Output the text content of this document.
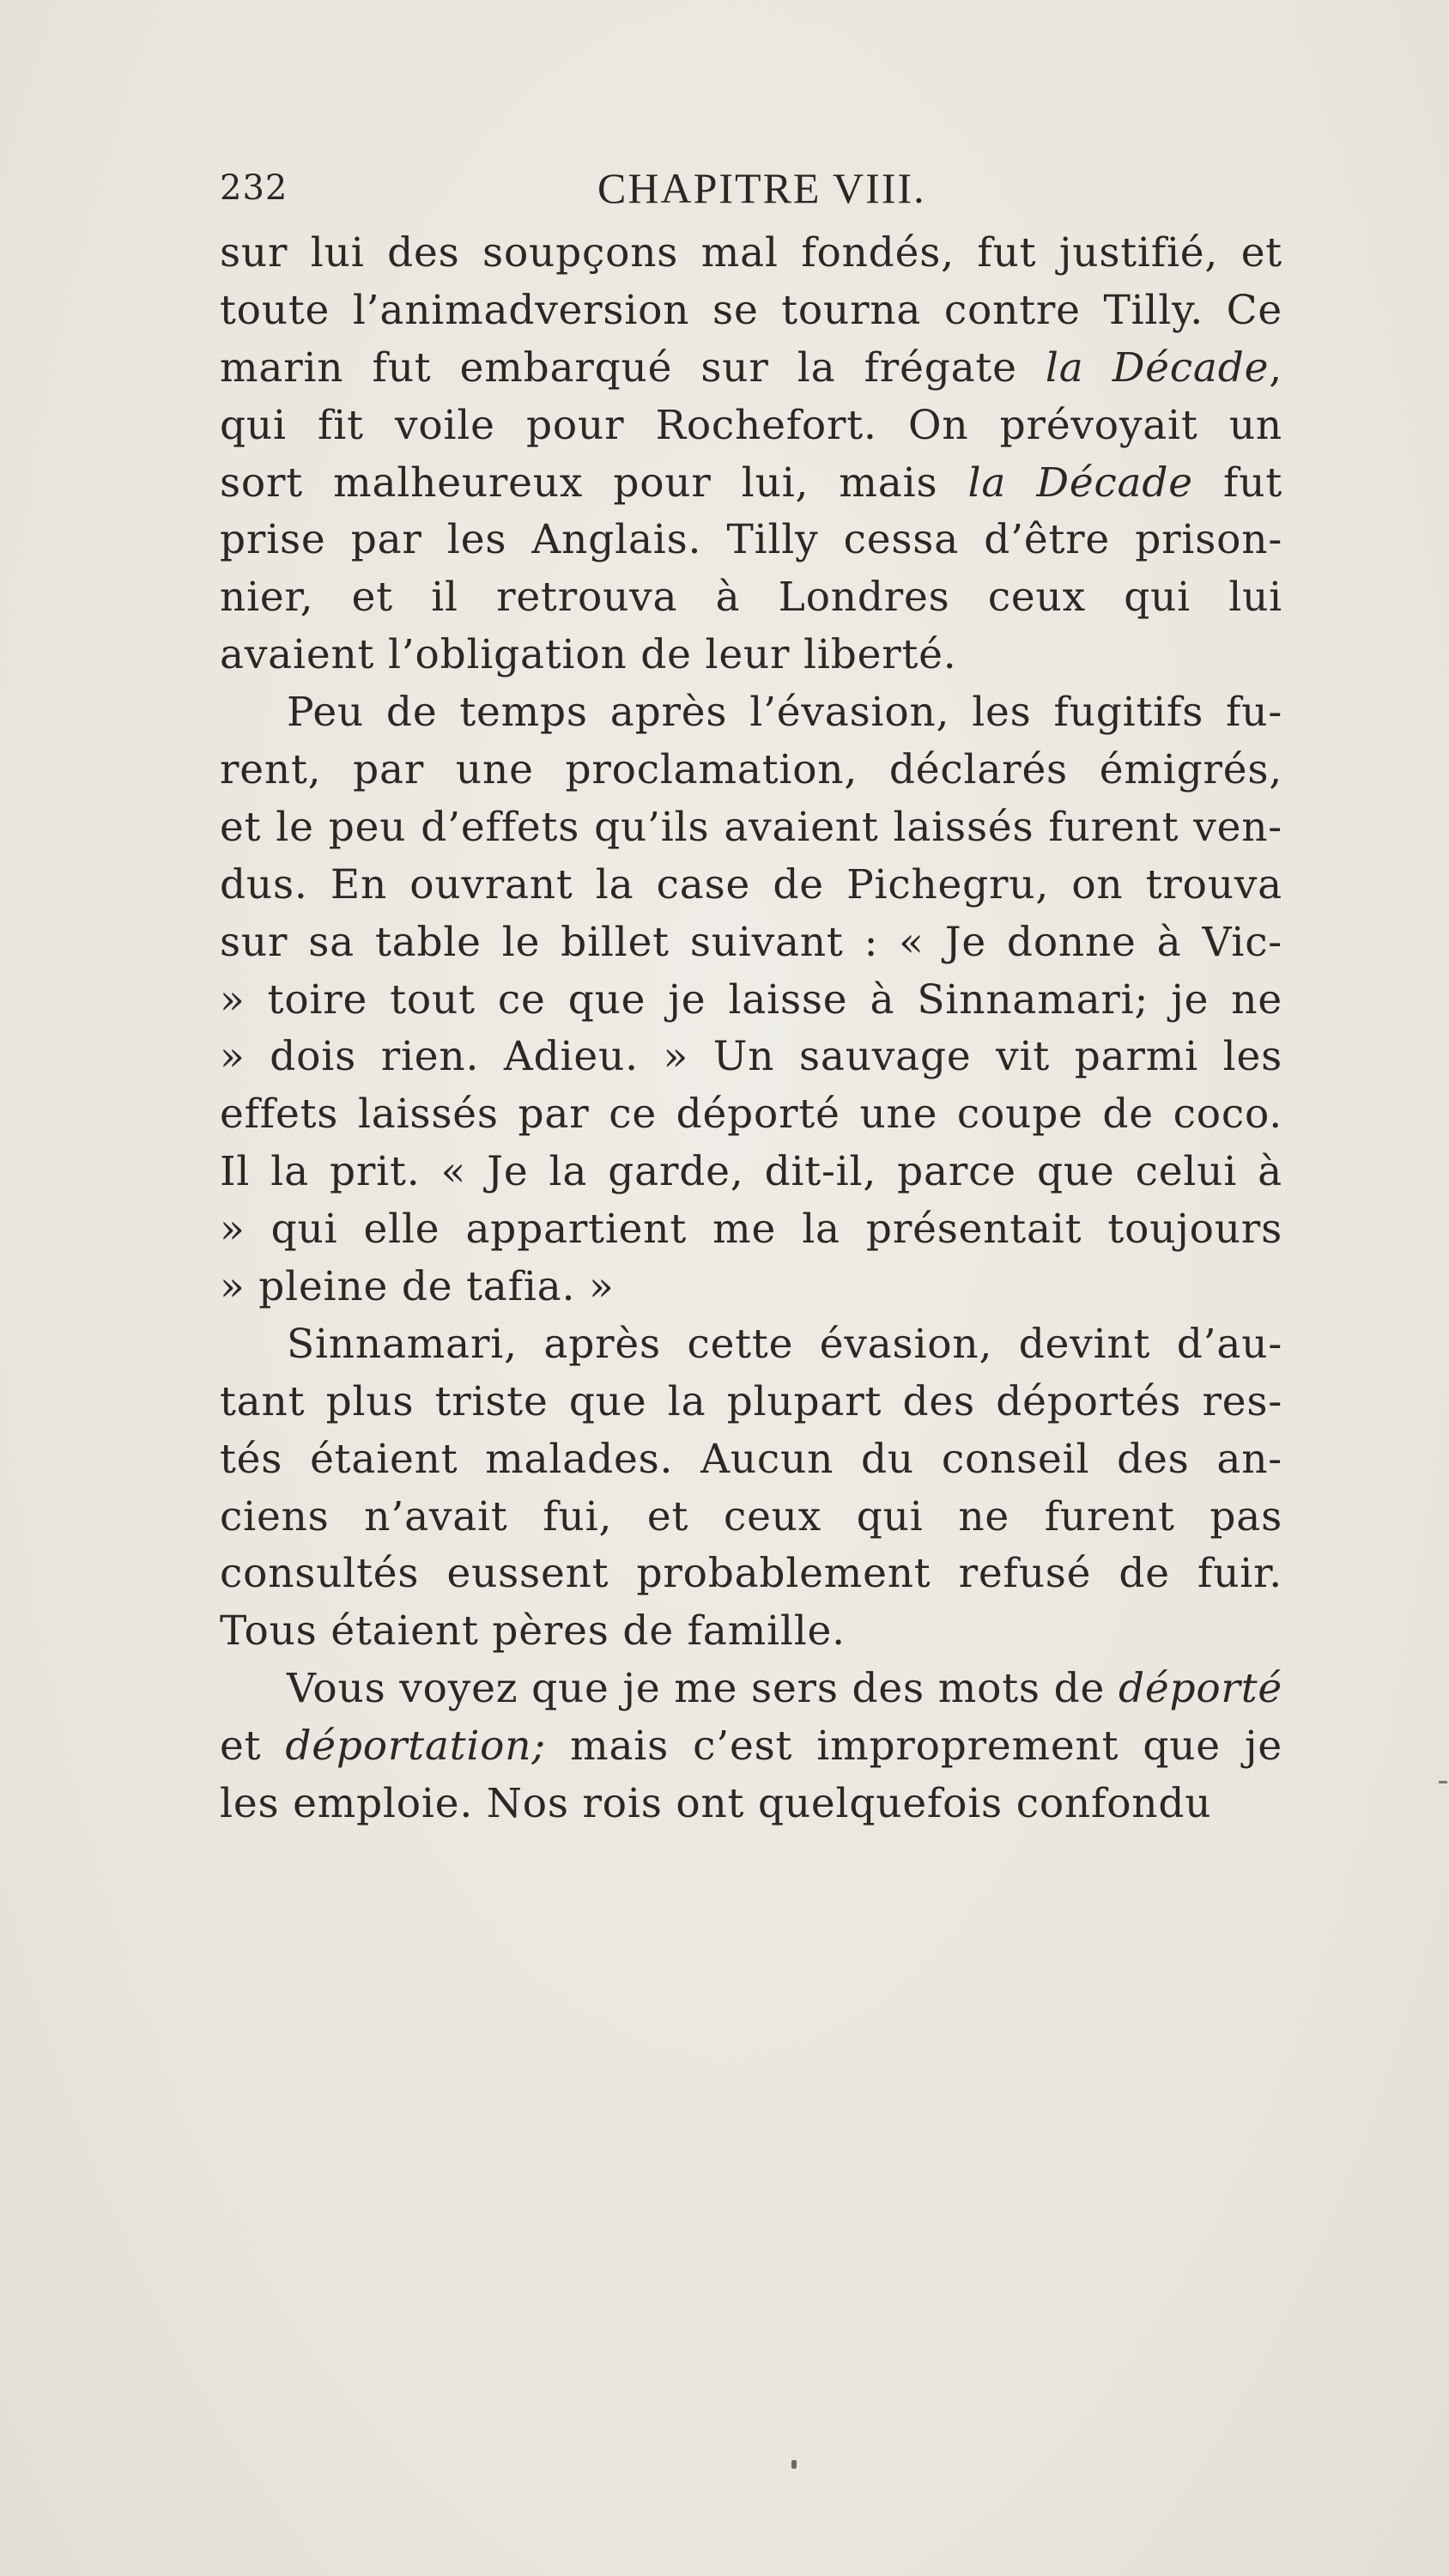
232	CHAPITRE VIII.
sur lui des soupçons mal fondés, fut justifié, et
toute l’animadversion se tourna contre Tilly. Ce
marin fut embarqué sur la frégate la Décade,
qui fit voile pour Rochefort. On prévoyait un
sort malheureux pour lui, mais la Décade fut
prise par les Anglais. Tilly cessa d’être prison-
nier, et il retrouva à Londres ceux qui lui
avaient l’obligation de leur liberté.
Peu de temps après l’évasion, les fugitifs fu-
rent, par une proclamation, déclarés émigrés,
et le peu d’effets qu’ils avaient laissés furent ven-
dus. En ouvrant la case de Pichegru, on trouva
sur sa table le billet suivant : « Je donne à Vic-
» toire tout ce que je laisse à Sinnamari; je ne
» dois rien. Adieu. » Un sauvage vit parmi les
effets laissés par ce déporté une coupe de coco.
Il la prit. « Je la garde, dit-il, parce que celui à
» qui elle appartient me la présentait toujours
» pleine de tafia. »
Sinnamari, après cette évasion, devint d’au-
tant plus triste que la plupart des déportés res-
tés étaient malades. Aucun du conseil des an-
ciens n’avait fui, et ceux qui ne furent pas
consultés eussent probablement refusé de fuir.
Tous étaient pères de famille.
Vous voyez que je me sers des mots de déporté
et déportation; mais c’est improprement que je
les emploie. Nos rois ont quelquefois confondu
